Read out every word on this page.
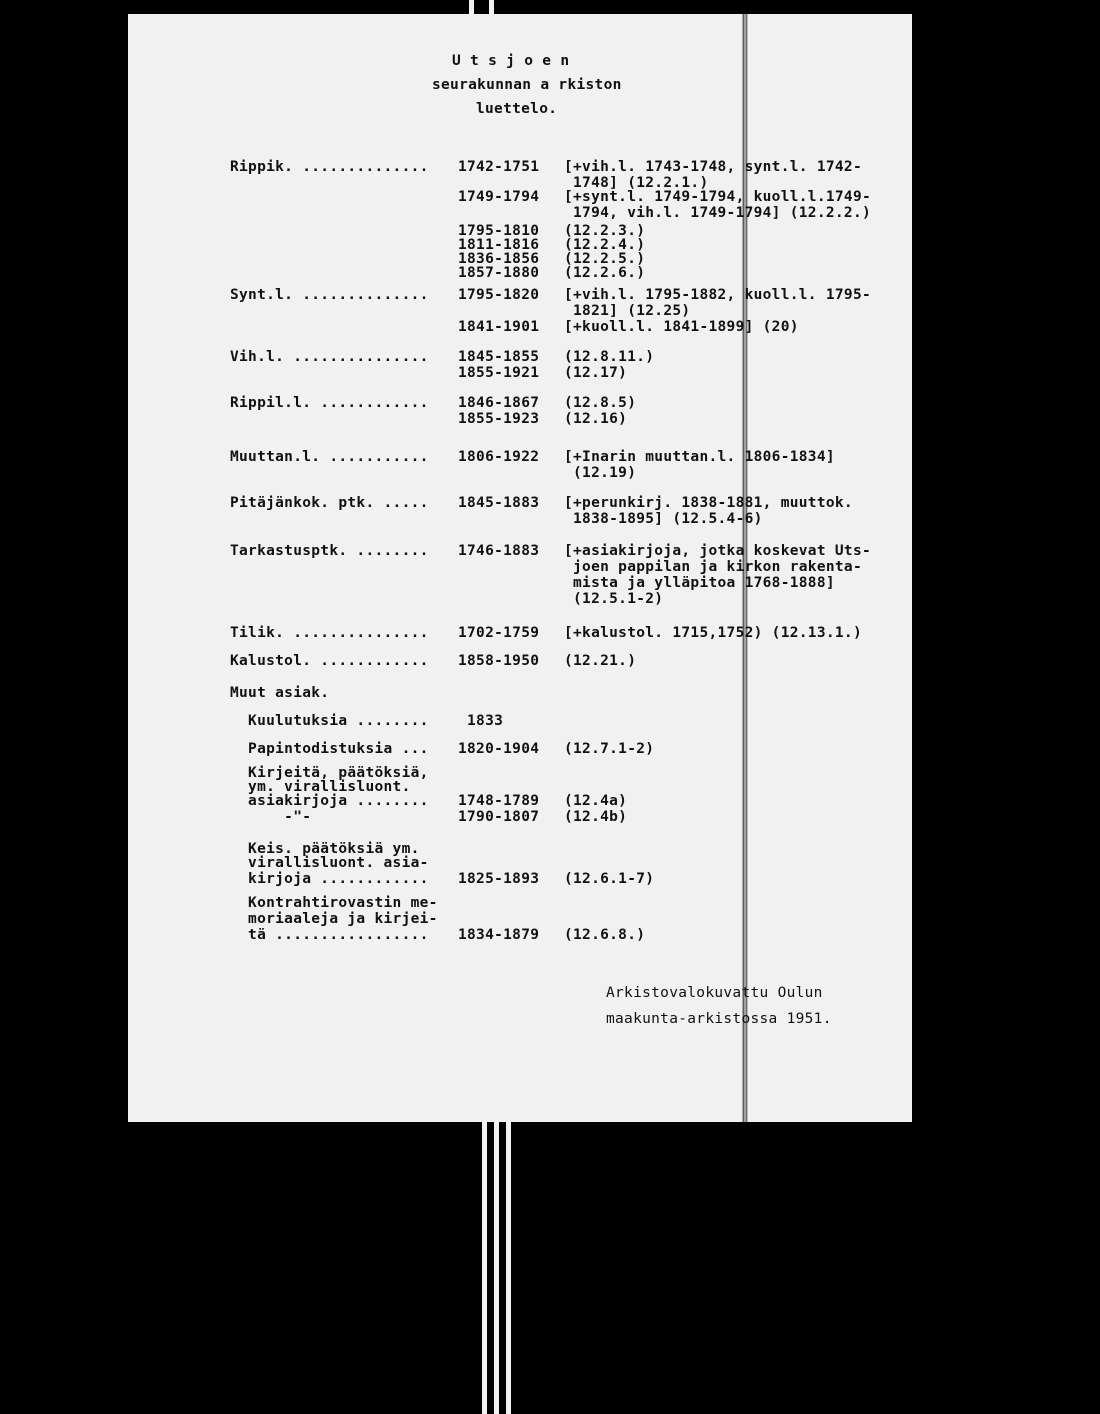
U t s j o e n
seurakunnan a rkiston
luettelo.
Rippik. .............. 1742-1751 [+vih.l. 1743-1748, synt.l. 1742-
1748] (12.2.1.)
1749-1794 [+synt.l. 1749-1794, kuoll.l.1749-
1794, vih.l. 1749-1794] (12.2.2.)
1795-1810 (12.2.3.)
1811-1816 (12.2.4.)
1836-1856 (12.2.5.)
1857-1880 (12.2.6.)
Synt.l. .............. 1795-1820 [+vih.l. 1795-1882, kuoll.l. 1795-
1821] (12.25)
1841-1901 [+kuoll.l. 1841-1899] (20)
Vih.l. ............... 1845-1855 (12.8.11.)
1855-1921 (12.17)
Rippil.l. ............ 1846-1867 (12.8.5)
1855-1923 (12.16)
Muuttan.l. ........... 1806-1922 [+Inarin muuttan.l. 1806-1834]
(12.19)
Pitäjänkok. ptk. ..... 1845-1883 [+perunkirj. 1838-1881, muuttok.
1838-1895] (12.5.4-6)
Tarkastusptk. ........ 1746-1883 [+asiakirjoja, jotka koskevat Uts-
joen pappilan ja kirkon rakenta-
mista ja ylläpitoa 1768-1888]
(12.5.1-2)
Tilik. ............... 1702-1759 [+kalustol. 1715,1752) (12.13.1.)
Kalustol. ............ 1858-1950 (12.21.)
Muut asiak.
Kuulutuksia ........ 1833
Papintodistuksia ... 1820-1904 (12.7.1-2)
Kirjeitä, päätöksiä,
ym. virallisluont.
asiakirjoja ........ 1748-1789 (12.4a)
-"-	1790-1807 (12.4b)
Keis. päätöksiä ym.
virallisluont. asia-
kirjoja ............ 1825-1893 (12.6.1-7)
Kontrahtirovastin me-
moriaaleja ja kirjei-
tä ................. 1834-1879 (12.6.8.)
Arkistovalokuvattu Oulun
maakunta-arkistossa 1951.
